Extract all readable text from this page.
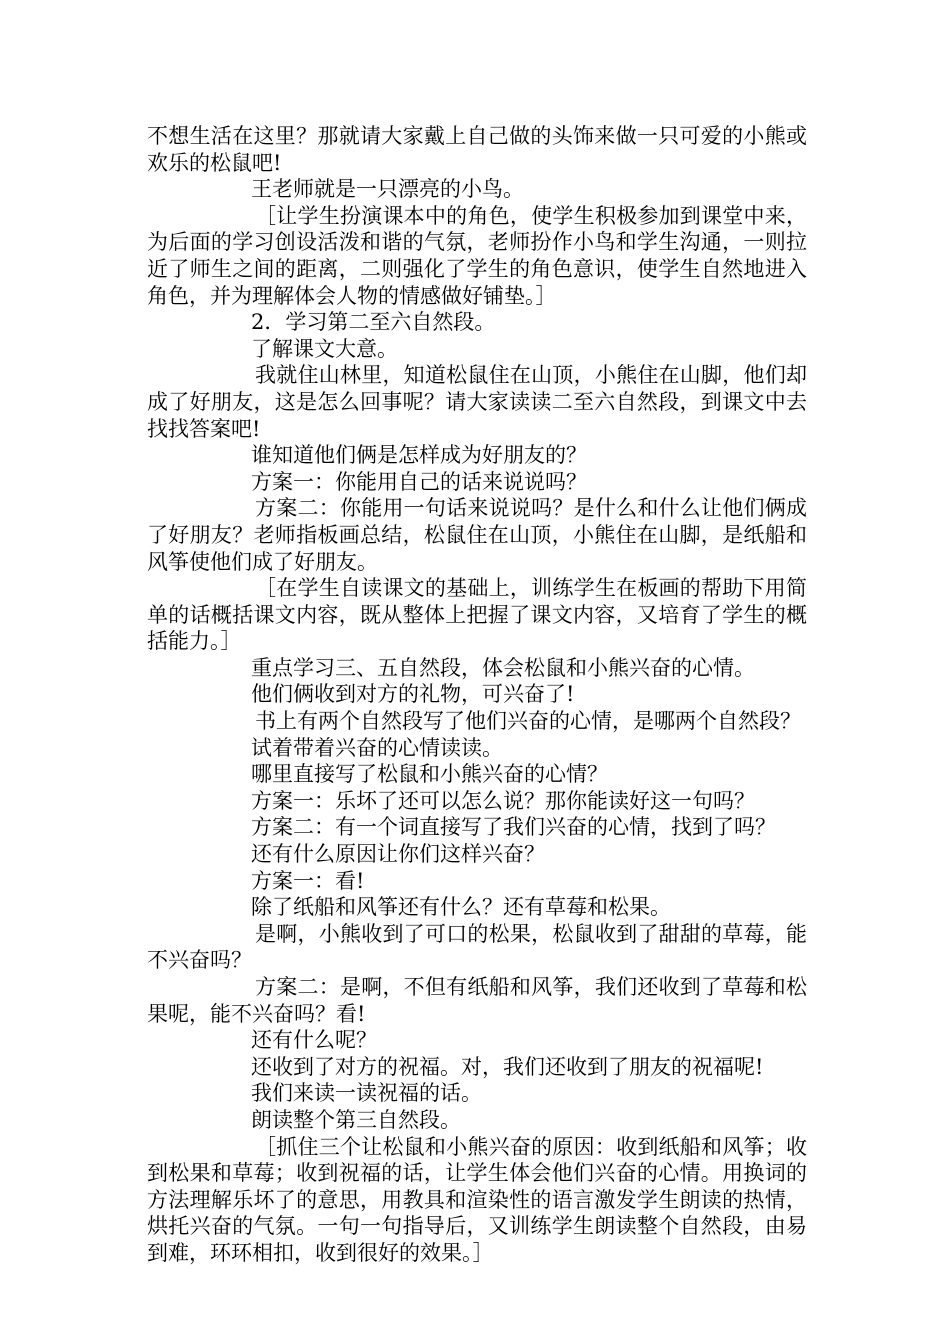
不想生活在这里？那就请大家戴上自己做的头饰来做一只可爱的小熊或欢乐的松鼠吧!

王老师就是一只漂亮的小鸟。

［让学生扮演课本中的角色，使学生积极参加到课堂中来，为后面的学习创设活泼和谐的气氛，老师扮作小鸟和学生沟通，一则拉近了师生之间的距离，二则强化了学生的角色意识，使学生自然地进入角色，并为理解体会人物的情感做好铺垫。］

2．学习第二至六自然段。

了解课文大意。

我就住山林里，知道松鼠住在山顶，小熊住在山脚，他们却成了好朋友，这是怎么回事呢？请大家读读二至六自然段，到课文中去找找答案吧!

谁知道他们俩是怎样成为好朋友的？

方案一：你能用自己的话来说说吗？

方案二：你能用一句话来说说吗？是什么和什么让他们俩成了好朋友？老师指板画总结，松鼠住在山顶，小熊住在山脚，是纸船和风筝使他们成了好朋友。

［在学生自读课文的基础上，训练学生在板画的帮助下用简单的话概括课文内容，既从整体上把握了课文内容，又培育了学生的概括能力。］

重点学习三、五自然段，体会松鼠和小熊兴奋的心情。

他们俩收到对方的礼物，可兴奋了!

书上有两个自然段写了他们兴奋的心情，是哪两个自然段？

试着带着兴奋的心情读读。

哪里直接写了松鼠和小熊兴奋的心情？

方案一：乐坏了还可以怎么说？那你能读好这一句吗？

方案二：有一个词直接写了我们兴奋的心情，找到了吗？

还有什么原因让你们这样兴奋？

方案一：看!

除了纸船和风筝还有什么？还有草莓和松果。

是啊，小熊收到了可口的松果，松鼠收到了甜甜的草莓，能不兴奋吗？

方案二：是啊，不但有纸船和风筝，我们还收到了草莓和松果呢，能不兴奋吗？看!

还有什么呢？

还收到了对方的祝福。对，我们还收到了朋友的祝福呢!

我们来读一读祝福的话。

朗读整个第三自然段。

［抓住三个让松鼠和小熊兴奋的原因：收到纸船和风筝；收到松果和草莓；收到祝福的话，让学生体会他们兴奋的心情。用换词的方法理解乐坏了的意思，用教具和渲染性的语言激发学生朗读的热情，烘托兴奋的气氛。一句一句指导后，又训练学生朗读整个自然段，由易到难，环环相扣，收到很好的效果。］
